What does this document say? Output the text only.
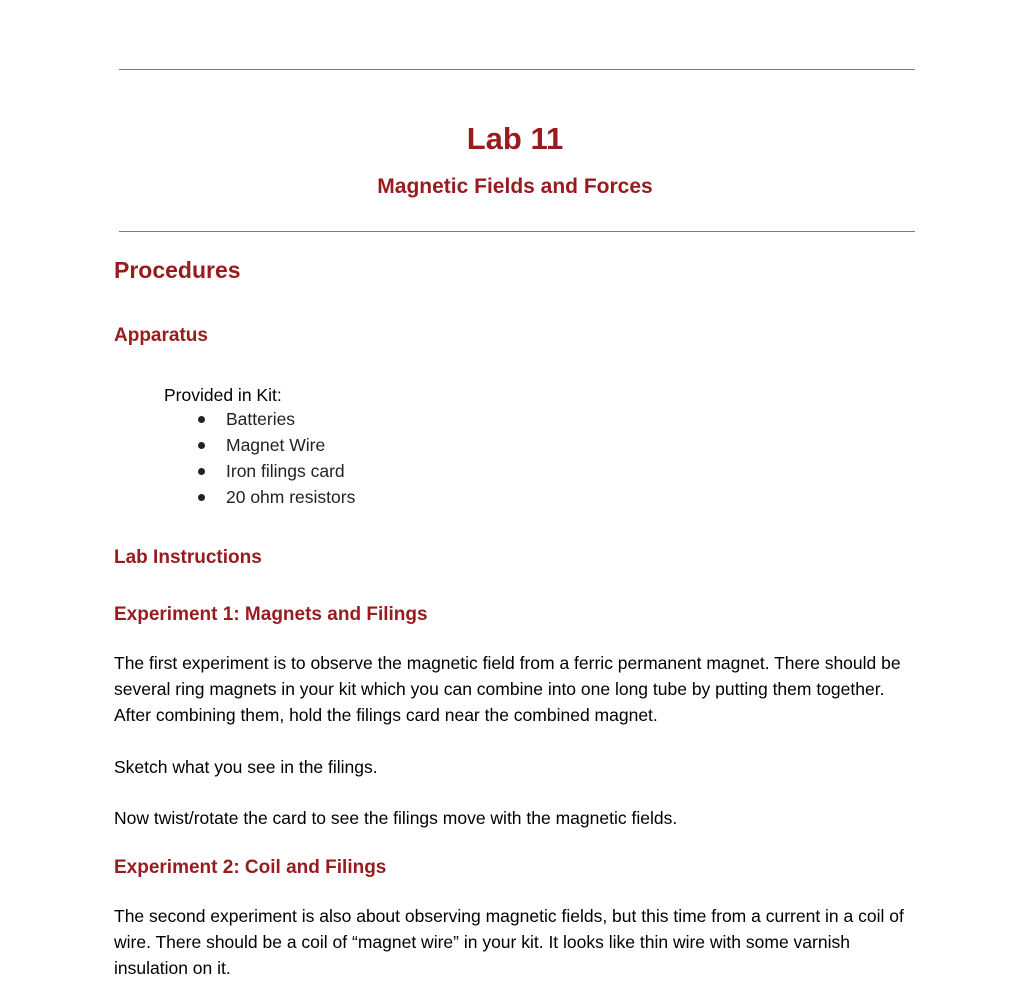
Lab 11
Magnetic Fields and Forces
Procedures
Apparatus
Provided in Kit:
Batteries
Magnet Wire
Iron filings card
20 ohm resistors
Lab Instructions
Experiment 1: Magnets and Filings

The first experiment is to observe the magnetic field from a ferric permanent magnet. There should be several ring magnets in your kit which you can combine into one long tube by putting them together. After combining them, hold the filings card near the combined magnet.

Sketch what you see in the filings.

Now twist/rotate the card to see the filings move with the magnetic fields.

Experiment 2: Coil and Filings

The second experiment is also about observing magnetic fields, but this time from a current in a coil of wire. There should be a coil of “magnet wire” in your kit. It looks like thin wire with some varnish insulation on it.
